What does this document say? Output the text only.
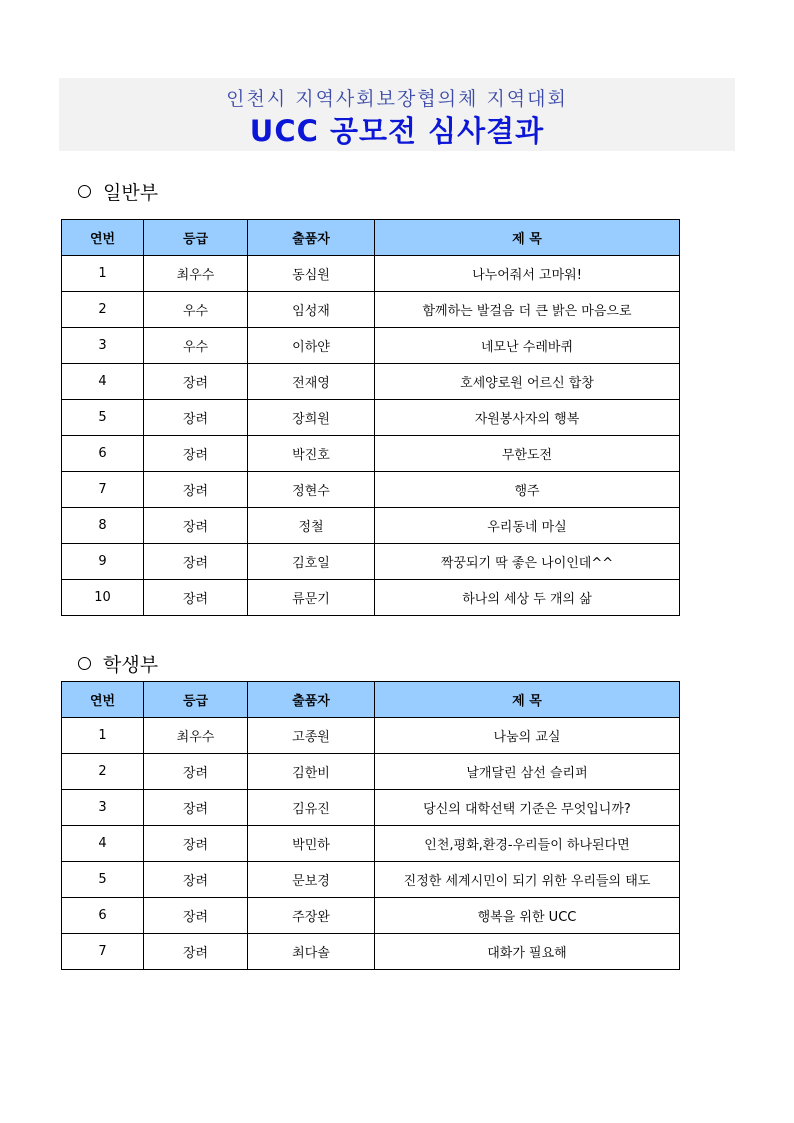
인천시 지역사회보장협의체 지역대회
UCC 공모전 심사결과
일반부
연번	등급	출품자	제 목
1	최우수	동심원	나누어줘서 고마워!
2	우수	임성재	함께하는 발걸음 더 큰 밝은 마음으로
3	우수	이하얀	네모난 수레바퀴
4	장려	전재영	호세양로원 어르신 합창
5	장려	장희원	자원봉사자의 행복
6	장려	박진호	무한도전
7	장려	정현수	행주
8	장려	정철	우리동네 마실
9	장려	김호일	짝꿍되기 딱 좋은 나이인데^^
10	장려	류문기	하나의 세상 두 개의 삶
학생부
연번	등급	출품자	제 목
1	최우수	고종원	나눔의 교실
2	장려	김한비	날개달린 삼선 슬리퍼
3	장려	김유진	당신의 대학선택 기준은 무엇입니까?
4	장려	박민하	인천,평화,환경-우리들이 하나된다면
5	장려	문보경	진정한 세계시민이 되기 위한 우리들의 태도
6	장려	주장완	행복을 위한 UCC
7	장려	최다솔	대화가 필요해
